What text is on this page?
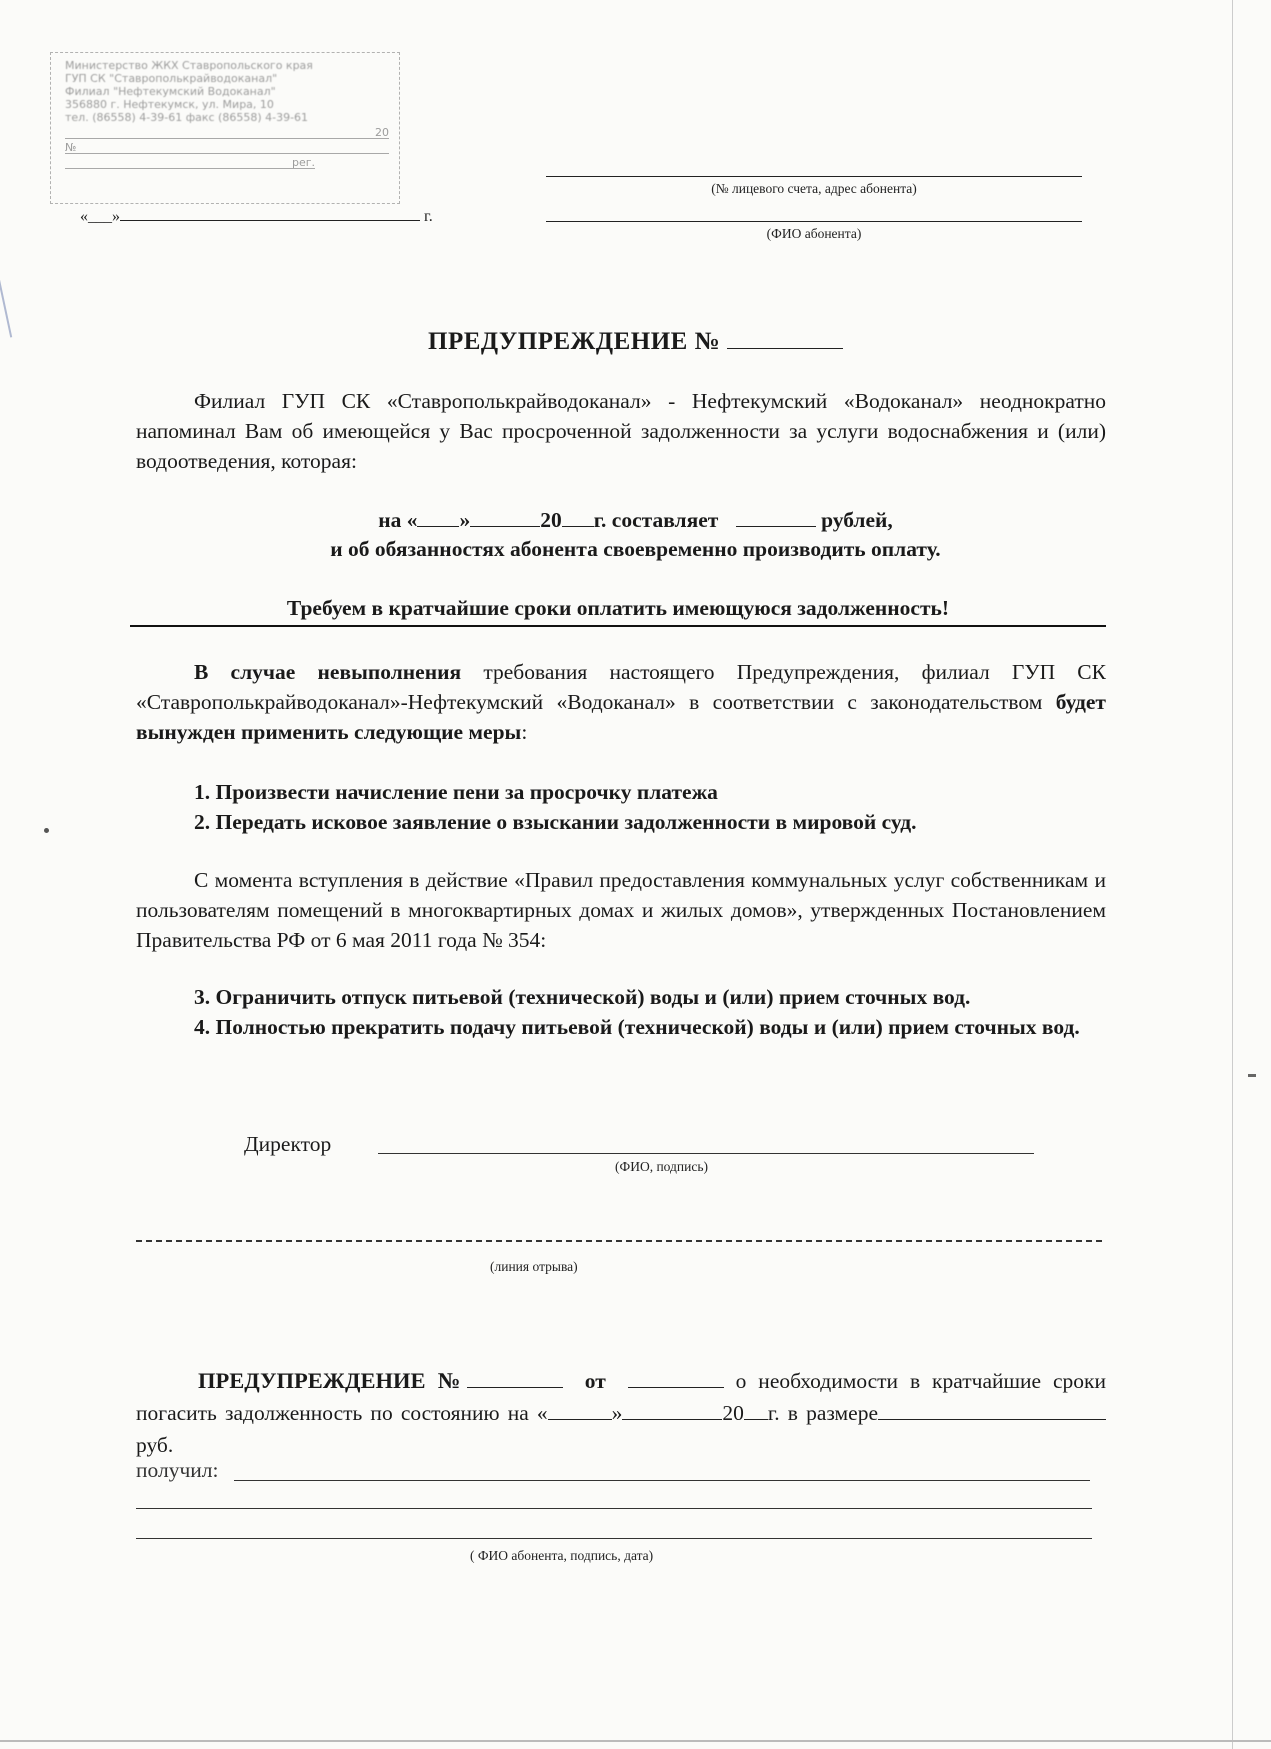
Министерство ЖКХ Ставропольского края
ГУП СК "Ставрополькрайводоканал"
Филиал "Нефтекумский Водоканал"
356880 г. Нефтекумск, ул. Мира, 10
тел. (86558) 4-39-61 факс (86558) 4-39-61
20
№
рег.
«___»	г.
(№ лицевого счета, адрес абонента)
(ФИО абонента)
ПРЕДУПРЕЖДЕНИЕ №
Филиал ГУП СК «Ставрополькрайводоканал» - Нефтекумский «Водоканал» неоднократно напоминал Вам об имеющейся у Вас просроченной задолженности за услуги водоснабжения и (или) водоотведения, которая:
на « »	20 г. составляет	рублей,
и об обязанностях абонента своевременно производить оплату.
Требуем в кратчайшие сроки оплатить имеющуюся задолженность!
В случае невыполнения требования настоящего Предупреждения, филиал ГУП СК «Ставрополькрайводоканал»-Нефтекумский «Водоканал» в соответствии с законодательством будет вынужден применить следующие меры:
1. Произвести начисление пени за просрочку платежа
2. Передать исковое заявление о взыскании задолженности в мировой суд.
С момента вступления в действие «Правил предоставления коммунальных услуг собственникам и пользователям помещений в многоквартирных домах и жилых домов», утвержденных Постановлением Правительства РФ от 6 мая 2011 года № 354:
3. Ограничить отпуск питьевой (технической) воды и (или) прием сточных вод.
4. Полностью прекратить подачу питьевой (технической) воды и (или) прием сточных вод.
Директор
(ФИО, подпись)
(линия отрыва)
ПРЕДУПРЕЖДЕНИЕ №	от	о необходимости в кратчайшие сроки погасить задолженность по состоянию на «	»	20 г. в размереруб.
получил:
( ФИО абонента, подпись, дата)
